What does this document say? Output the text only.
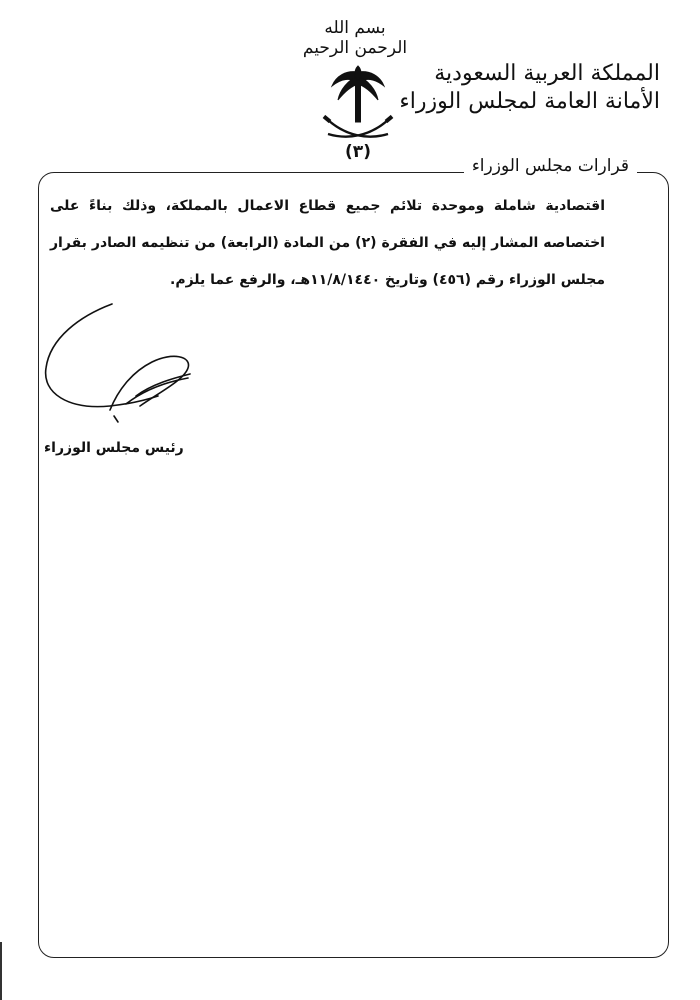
بسم الله الرحمن الرحيم
(٣)
المملكة العربية السعودية
الأمانة العامة لمجلس الوزراء
قرارات مجلس الوزراء

اقتصادية شاملة وموحدة تلائم جميع قطاع الاعمال بالمملكة، وذلك بناءً على اختصاصه المشار إليه في الفقرة (٢) من المادة (الرابعة) من تنظيمه الصادر بقرار مجلس الوزراء رقم (٤٥٦) وتاريخ ١١/٨/١٤٤٠هـ، والرفع عما يلزم.

رئيس مجلس الوزراء
